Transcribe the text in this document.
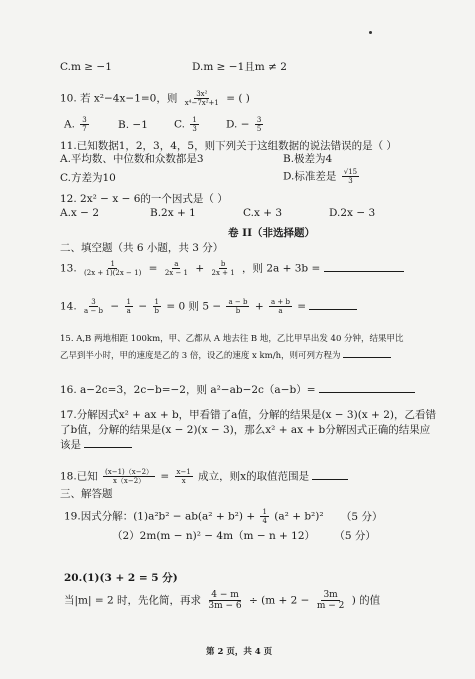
C.m ≥ −1	D.m ≥ −1且m ≠ 2
10. 若 x²−4x−1=0，则 $\frac{\text{3x²}}{\text{x⁴−7x²+1}}$ = ( )
A. $\frac{3}{7}$	B. −1 C. $\frac{1}{3}$	D. − $\frac{3}{5}$
11.已知数据1，2，3，4，5，则下列关于这组数据的说法错误的是（ ）
A.平均数、中位数和众数都是3	B.极差为4
C.方差为10	D.标准差是 $\frac{√15}{3}$
12. 2x² − x − 6的一个因式是（ ）
A.x − 2	B.2x + 1	C.x + 3	D.2x − 3
卷 II（非选择题）
二、填空题（共 6 小题，共 3 分）
13. $\frac{1}{(2x + 1)(2x - 1)} = \frac{a}{2x - 1} + \frac{b}{2x + 1}$ ，则 2a + 3b =
14. $\frac{3}{a - b} - \frac{1}{a} - \frac{1}{b} = 0$ 则 $5 - \frac{a - b}{b} + \frac{a + b}{a}$ =
15. A,B 两地相距 100km，甲、乙都从 A 地去往 B 地，乙比甲早出发 40 分钟，结果甲比
乙早到半小时，甲的速度是乙的 3 倍，设乙的速度 x km/h，则可列方程为
16. a−2c=3，2c−b=−2，则 a²−ab−2c（a−b）=
17.分解因式x² + ax + b，甲看错了a值，分解的结果是(x − 3)(x + 2)，乙看错
了b值，分解的结果是(x − 2)(x − 3)，那么x² + ax + b分解因式正确的结果应
该是
18.已知 $\frac{(x-1)(x-2)}{x(x-2)} = \frac{x-1}{x}$ 成立，则x的取值范围是
三、解答题
19.因式分解：$(1)a^2b^2 - ab(a^2 + b^2) + \frac{1}{4} (a^2 + b^2)^2$ （5 分）
（2）2m(m − n)² − 4m（m − n + 12） （5 分）
20.(1)(3 + 2 = 5 分)
当|m| = 2 时，先化简，再求 $\frac{4 - m}{3m - 6} \div (m + 2 - \frac{3m}{m - 2}$ ) 的值
第 2 页，共 4 页
